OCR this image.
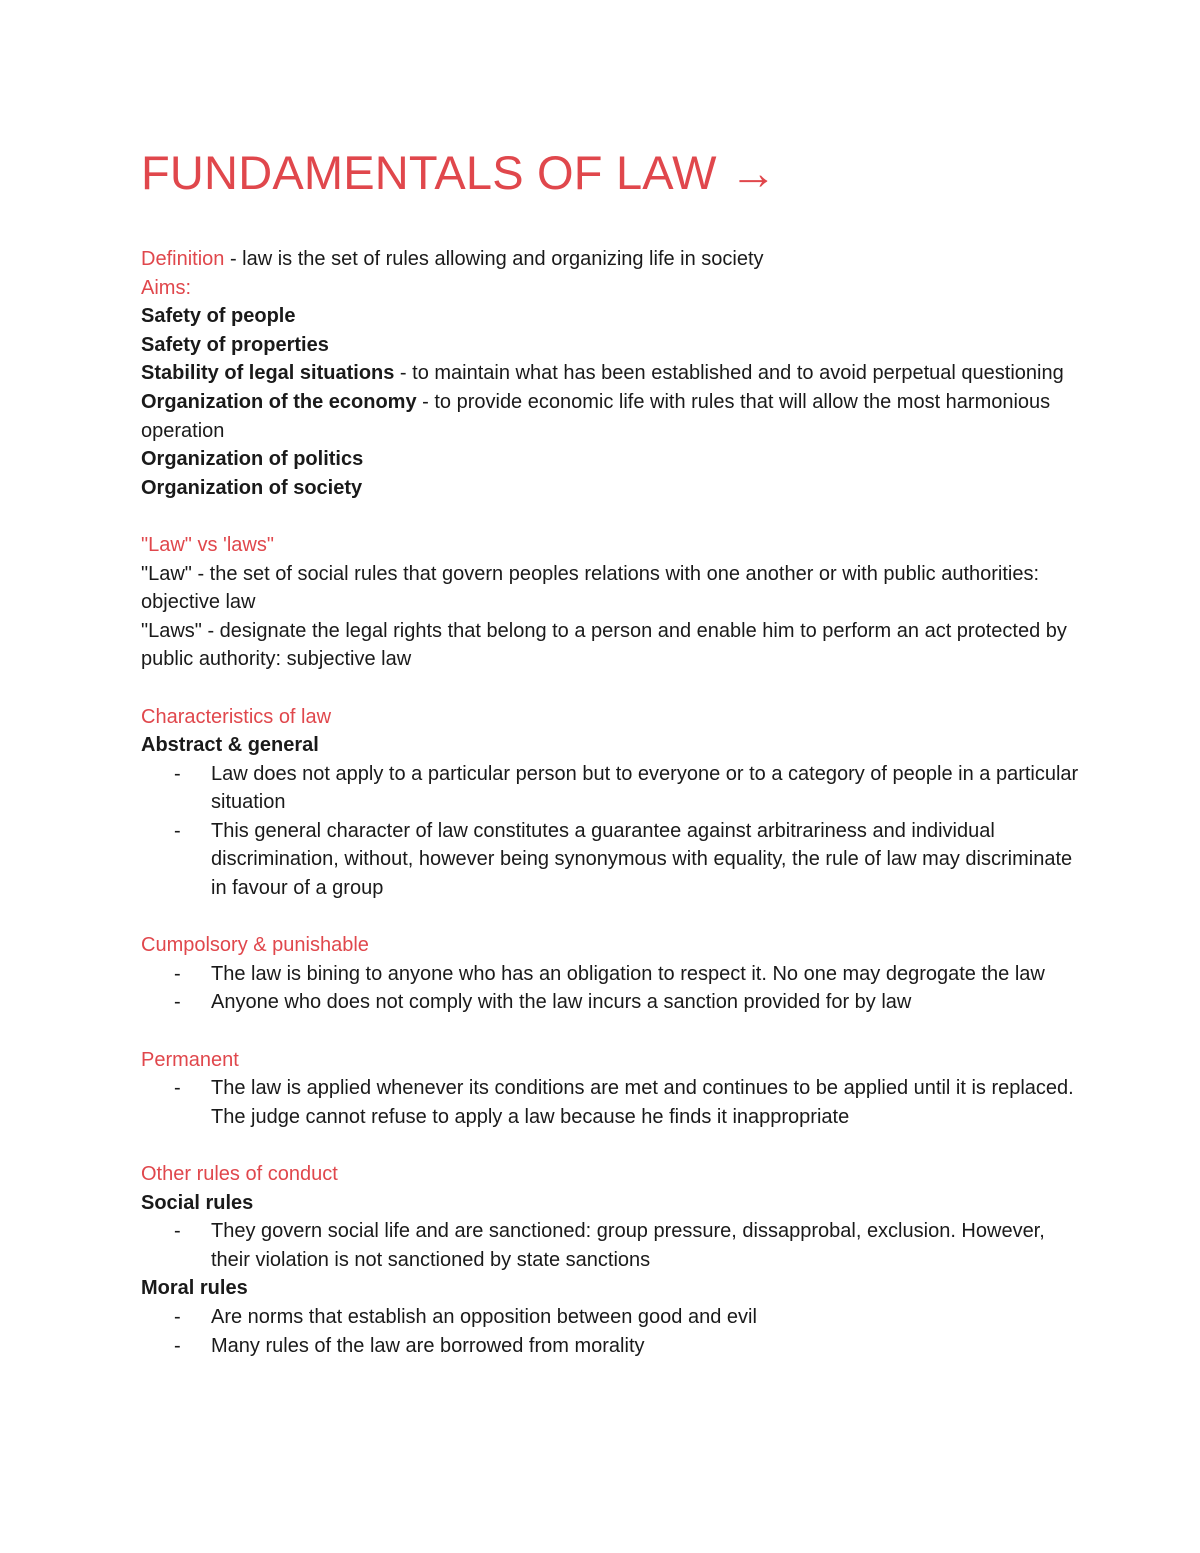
FUNDAMENTALS OF LAW →

Definition - law is the set of rules allowing and organizing life in society

Aims:

Safety of people

Safety of properties

Stability of legal situations - to maintain what has been established and to avoid perpetual questioning

Organization of the economy - to provide economic life with rules that will allow the most harmonious operation

Organization of politics

Organization of society

"Law" vs 'laws"

"Law" - the set of social rules that govern peoples relations with one another or with public authorities: objective law

"Laws" - designate the legal rights that belong to a person and enable him to perform an act protected by public authority: subjective law

Characteristics of law

Abstract & general

- Law does not apply to a particular person but to everyone or to a category of people in a particular situation
- This general character of law constitutes a guarantee against arbitrariness and individual discrimination, without, however being synonymous with equality, the rule of law may discriminate in favour of a group

Cumpolsory & punishable

- The law is bining to anyone who has an obligation to respect it. No one may degrogate the law
- Anyone who does not comply with the law incurs a sanction provided for by law

Permanent

- The law is applied whenever its conditions are met and continues to be applied until it is replaced. The judge cannot refuse to apply a law because he finds it inappropriate

Other rules of conduct

Social rules

- They govern social life and are sanctioned: group pressure, dissapprobal, exclusion. However, their violation is not sanctioned by state sanctions

Moral rules

- Are norms that establish an opposition between good and evil
- Many rules of the law are borrowed from morality
